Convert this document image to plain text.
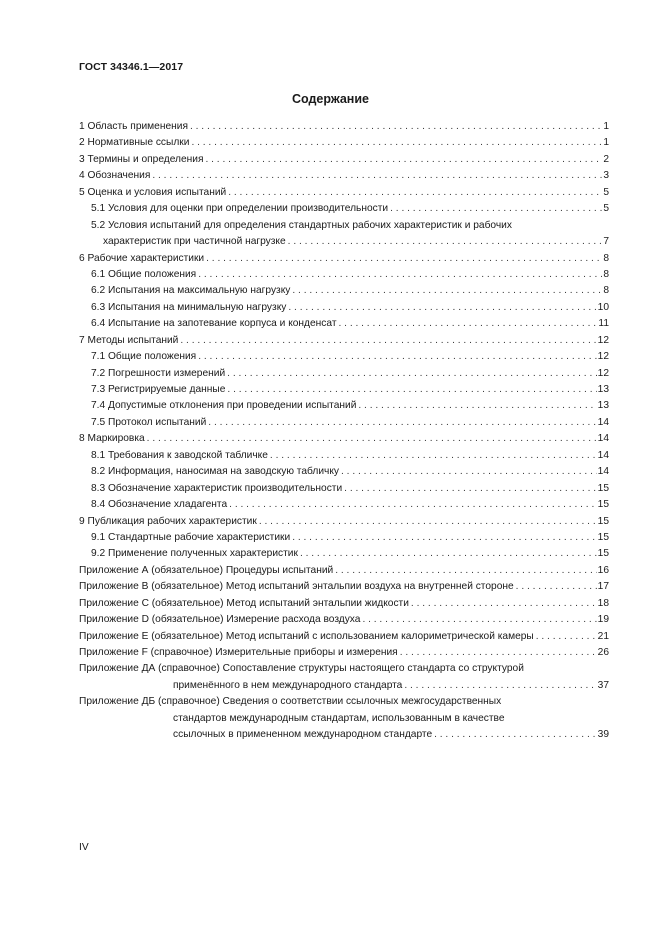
ГОСТ 34346.1—2017
Содержание
1 Область применения . . .	1
2 Нормативные ссылки . . .	1
3 Термины и определения . . .	2
4 Обозначения . . .	3
5 Оценка и условия испытаний . . .	5
5.1 Условия для оценки при определении производительности . . .	5
5.2 Условия испытаний для определения стандартных рабочих характеристик и рабочих
характеристик при частичной нагрузке . . .	7
6 Рабочие характеристики . . .	8
6.1 Общие положения . . .	8
6.2 Испытания на максимальную нагрузку . . .	8
6.3 Испытания на минимальную нагрузку . . .	10
6.4 Испытание на запотевание корпуса и конденсат . . .	11
7 Методы испытаний . . .	12
7.1 Общие положения . . .	12
7.2 Погрешности измерений . . .	12
7.3 Регистрируемые данные . . .	13
7.4 Допустимые отклонения при проведении испытаний . . .	13
7.5 Протокол испытаний . . .	14
8 Маркировка . . .	14
8.1 Требования к заводской табличке . . .	14
8.2 Информация, наносимая на заводскую табличку . . .	14
8.3 Обозначение характеристик производительности . . .	15
8.4 Обозначение хладагента . . .	15
9 Публикация рабочих характеристик . . .	15
9.1 Стандартные рабочие характеристики . . .	15
9.2 Применение полученных характеристик . . .	15
Приложение А (обязательное) Процедуры испытаний . . .	16
Приложение В (обязательное) Метод испытаний энтальпии воздуха на внутренней стороне . . .	17
Приложение С (обязательное) Метод испытаний энтальпии жидкости . . .	18
Приложение D (обязательное) Измерение расхода воздуха . . .	19
Приложение Е (обязательное) Метод испытаний с использованием калориметрической камеры . . .	21
Приложение F (справочное) Измерительные приборы и измерения . . .	26
Приложение ДА (справочное) Сопоставление структуры настоящего стандарта со структурой
применённого в нем международного стандарта . . .	37
Приложение ДБ (справочное) Сведения о соответствии ссылочных межгосударственных
стандартов международным стандартам, использованным в качестве
ссылочных в примененном международном стандарте . . .	39
IV
